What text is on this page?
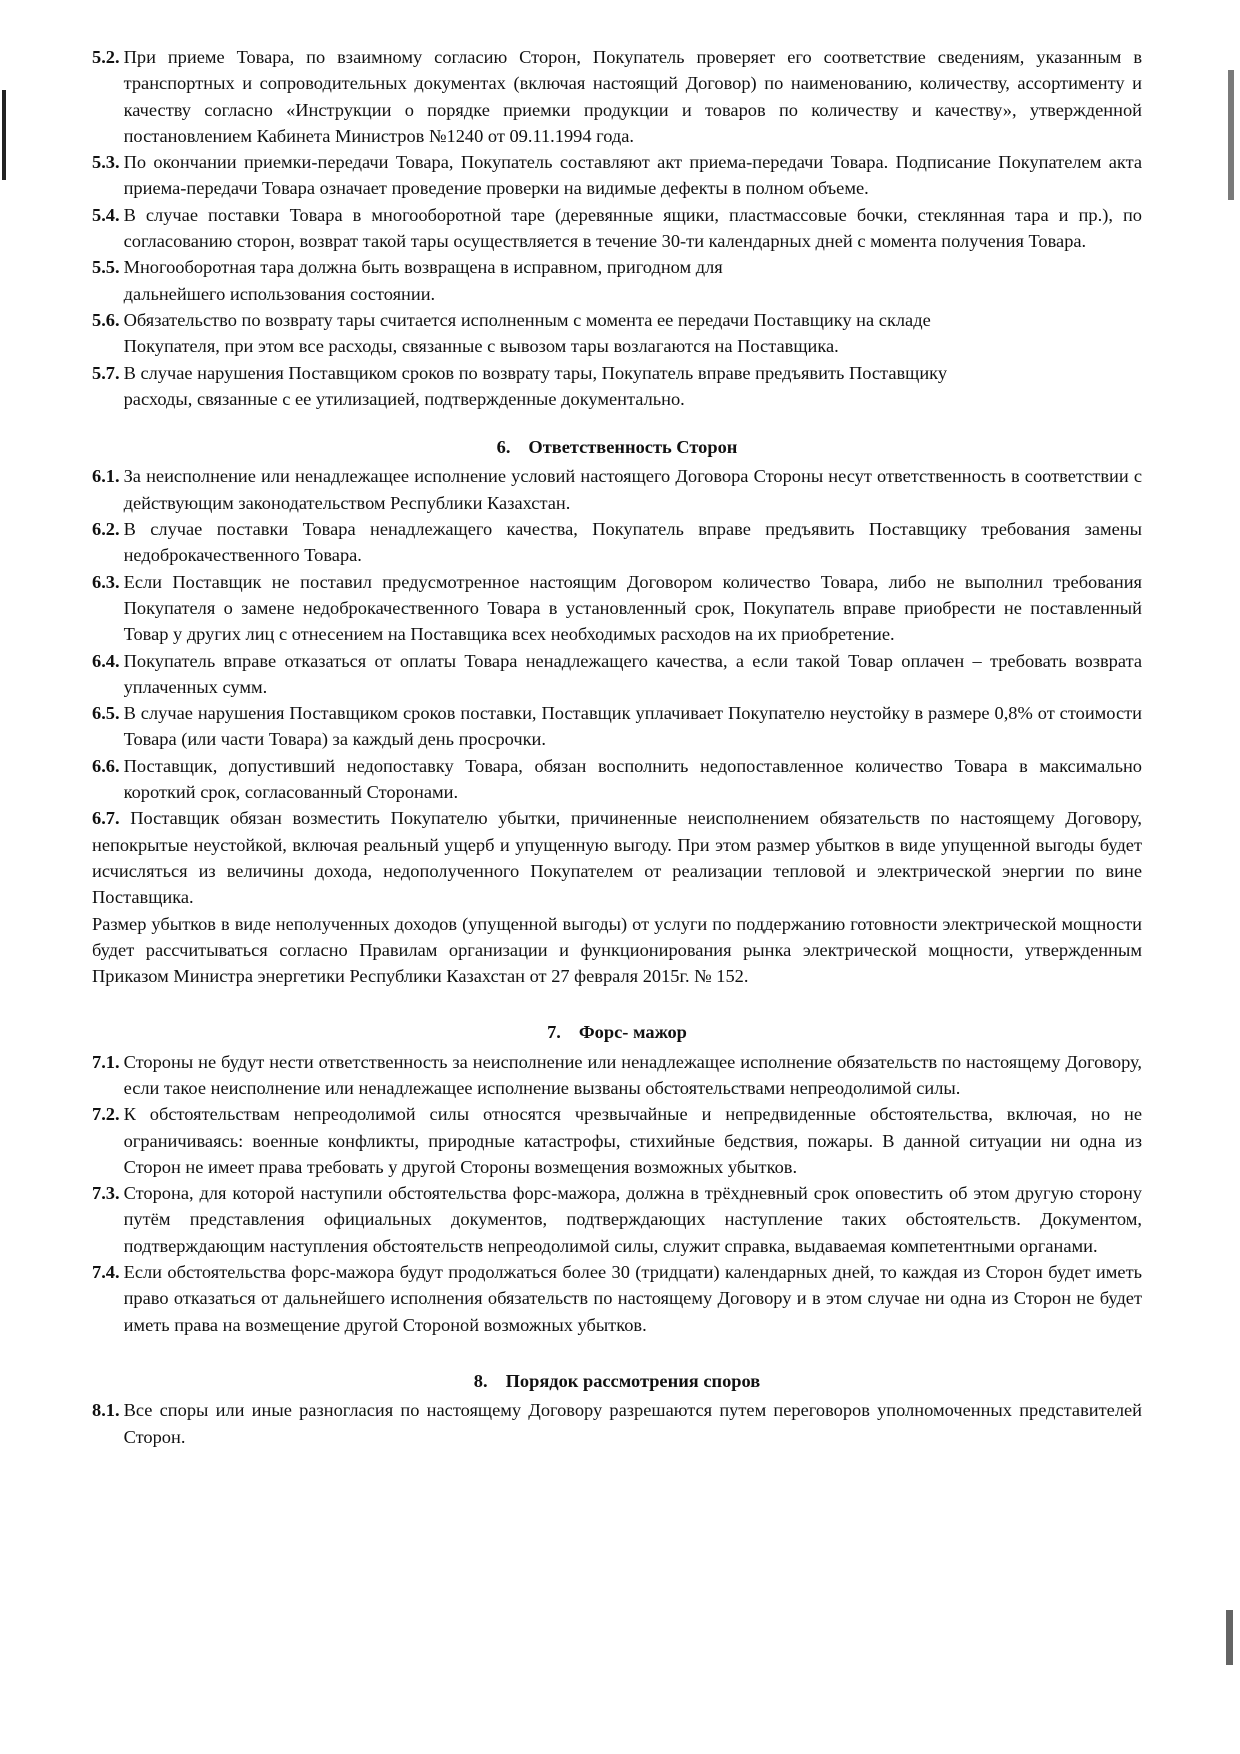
5.2. При приеме Товара, по взаимному согласию Сторон, Покупатель проверяет его соответствие сведениям, указанным в транспортных и сопроводительных документах (включая настоящий Договор) по наименованию, количеству, ассортименту и качеству согласно «Инструкции о порядке приемки продукции и товаров по количеству и качеству», утвержденной постановлением Кабинета Министров №1240 от 09.11.1994 года.
5.3. По окончании приемки-передачи Товара, Покупатель составляют акт приема-передачи Товара. Подписание Покупателем акта приема-передачи Товара означает проведение проверки на видимые дефекты в полном объеме.
5.4. В случае поставки Товара в многооборотной таре (деревянные ящики, пластмассовые бочки, стеклянная тара и пр.), по согласованию сторон, возврат такой тары осуществляется в течение 30-ти календарных дней с момента получения Товара.
5.5. Многооборотная тара должна быть возвращена в исправном, пригодном для дальнейшего использования состоянии.
5.6. Обязательство по возврату тары считается исполненным с момента ее передачи Поставщику на складе Покупателя, при этом все расходы, связанные с вывозом тары возлагаются на Поставщика.
5.7. В случае нарушения Поставщиком сроков по возврату тары, Покупатель вправе предъявить Поставщику расходы, связанные с ее утилизацией, подтвержденные документально.
6. Ответственность Сторон
6.1. За неисполнение или ненадлежащее исполнение условий настоящего Договора Стороны несут ответственность в соответствии с действующим законодательством Республики Казахстан.
6.2. В случае поставки Товара ненадлежащего качества, Покупатель вправе предъявить Поставщику требования замены недоброкачественного Товара.
6.3. Если Поставщик не поставил предусмотренное настоящим Договором количество Товара, либо не выполнил требования Покупателя о замене недоброкачественного Товара в установленный срок, Покупатель вправе приобрести не поставленный Товар у других лиц с отнесением на Поставщика всех необходимых расходов на их приобретение.
6.4. Покупатель вправе отказаться от оплаты Товара ненадлежащего качества, а если такой Товар оплачен – требовать возврата уплаченных сумм.
6.5. В случае нарушения Поставщиком сроков поставки, Поставщик уплачивает Покупателю неустойку в размере 0,8% от стоимости Товара (или части Товара) за каждый день просрочки.
6.6. Поставщик, допустивший недопоставку Товара, обязан восполнить недопоставленное количество Товара в максимально короткий срок, согласованный Сторонами.

6.7. Поставщик обязан возместить Покупателю убытки, причиненные неисполнением обязательств по настоящему Договору, непокрытые неустойкой, включая реальный ущерб и упущенную выгоду. При этом размер убытков в виде упущенной выгоды будет исчисляться из величины дохода, недополученного Покупателем от реализации тепловой и электрической энергии по вине Поставщика.

Размер убытков в виде неполученных доходов (упущенной выгоды) от услуги по поддержанию готовности электрической мощности будет рассчитываться согласно Правилам организации и функционирования рынка электрической мощности, утвержденным Приказом Министра энергетики Республики Казахстан от 27 февраля 2015г. № 152.

7. Форс- мажор
7.1. Стороны не будут нести ответственность за неисполнение или ненадлежащее исполнение обязательств по настоящему Договору, если такое неисполнение или ненадлежащее исполнение вызваны обстоятельствами непреодолимой силы.
7.2. К обстоятельствам непреодолимой силы относятся чрезвычайные и непредвиденные обстоятельства, включая, но не ограничиваясь: военные конфликты, природные катастрофы, стихийные бедствия, пожары. В данной ситуации ни одна из Сторон не имеет права требовать у другой Стороны возмещения возможных убытков.
7.3. Сторона, для которой наступили обстоятельства форс-мажора, должна в трёхдневный срок оповестить об этом другую сторону путём представления официальных документов, подтверждающих наступление таких обстоятельств. Документом, подтверждающим наступления обстоятельств непреодолимой силы, служит справка, выдаваемая компетентными органами.
7.4. Если обстоятельства форс-мажора будут продолжаться более 30 (тридцати) календарных дней, то каждая из Сторон будет иметь право отказаться от дальнейшего исполнения обязательств по настоящему Договору и в этом случае ни одна из Сторон не будет иметь права на возмещение другой Стороной возможных убытков.
8. Порядок рассмотрения споров
8.1. Все споры или иные разногласия по настоящему Договору разрешаются путем переговоров уполномоченных представителей Сторон.
